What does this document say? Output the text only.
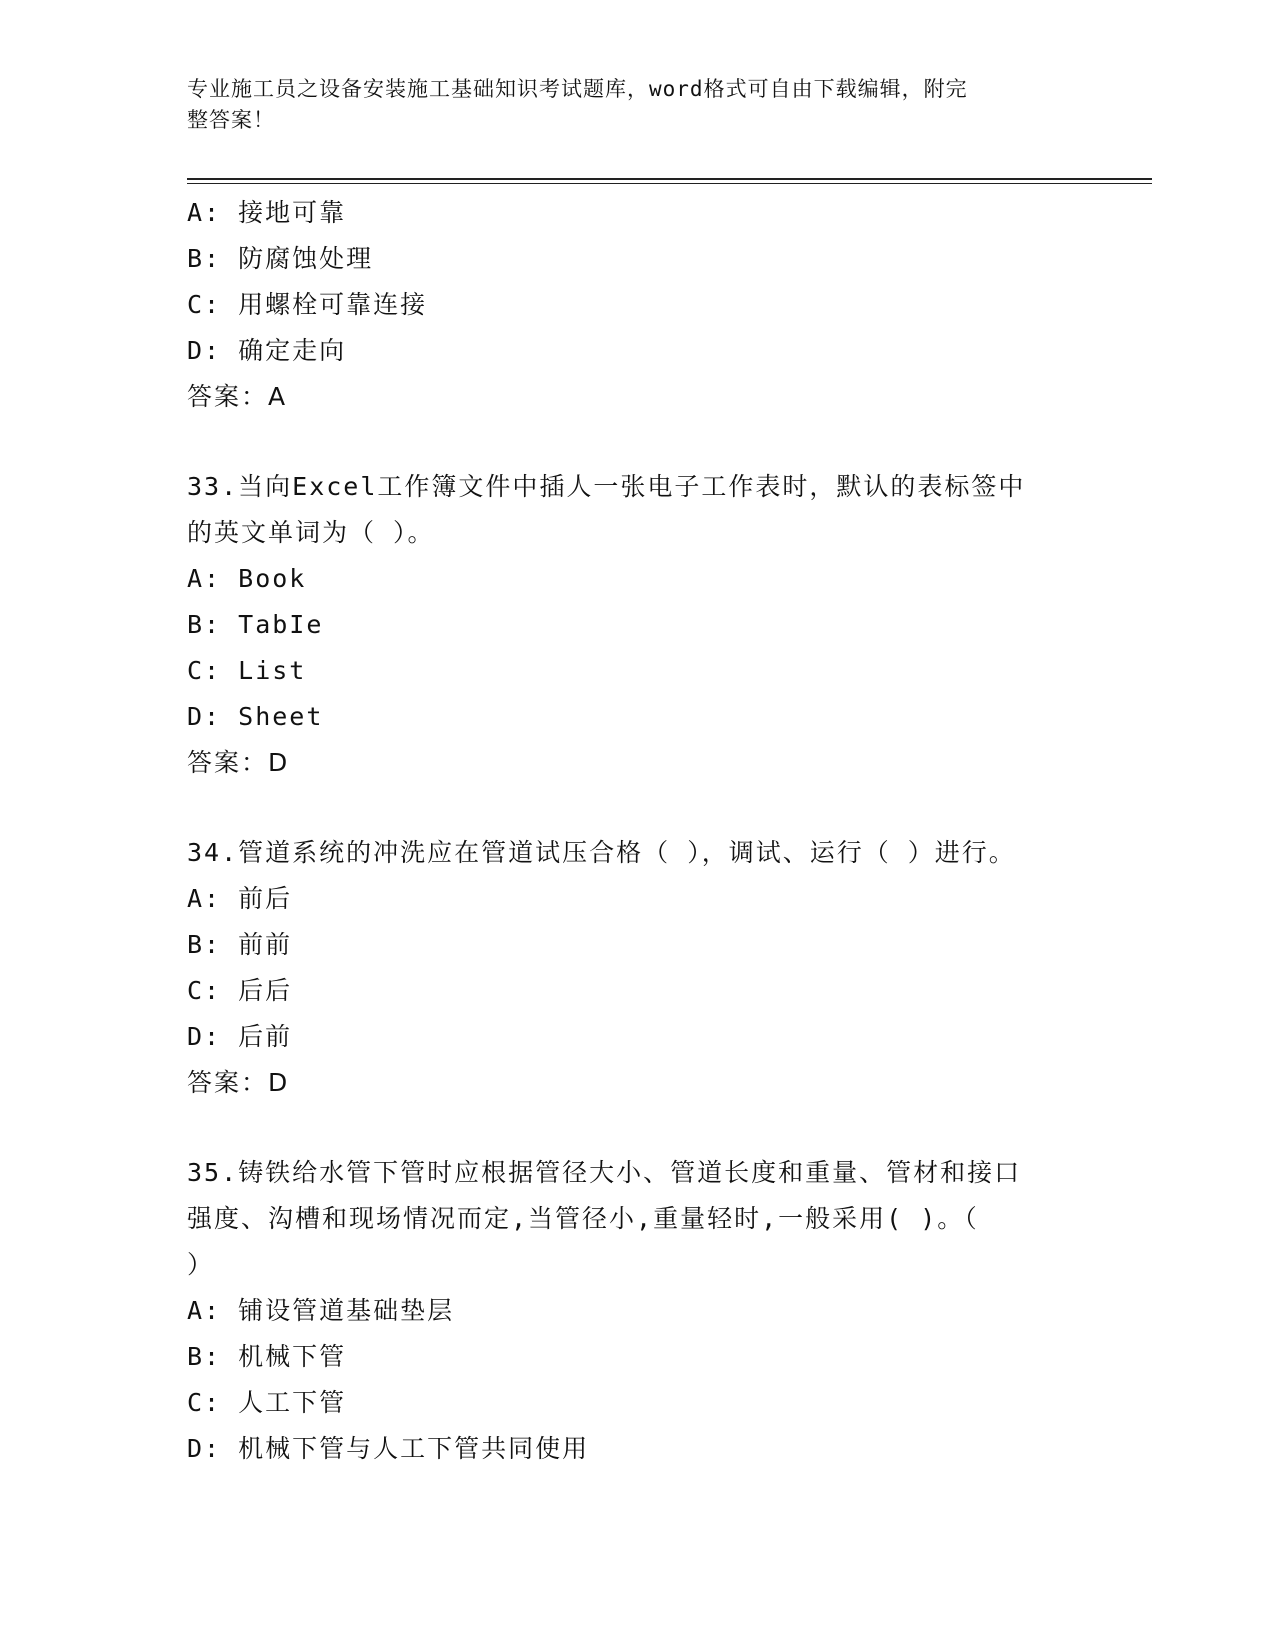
专业施工员之设备安装施工基础知识考试题库，word格式可自由下载编辑，附完
整答案！
A: 接地可靠
B: 防腐蚀处理
C: 用螺栓可靠连接
D: 确定走向
答案：A
33.当向Excel工作簿文件中插人一张电子工作表时，默认的表标签中
的英文单词为（ ）。
A: Book
B: TabIe
C: List
D: Sheet
答案：D
34.管道系统的冲洗应在管道试压合格（ ），调试、运行（ ）进行。
A: 前后
B: 前前
C: 后后
D: 后前
答案：D
35.铸铁给水管下管时应根据管径大小、管道长度和重量、管材和接口
强度、沟槽和现场情况而定,当管径小,重量轻时,一般采用( )。（
）
A: 铺设管道基础垫层
B: 机械下管
C: 人工下管
D: 机械下管与人工下管共同使用
